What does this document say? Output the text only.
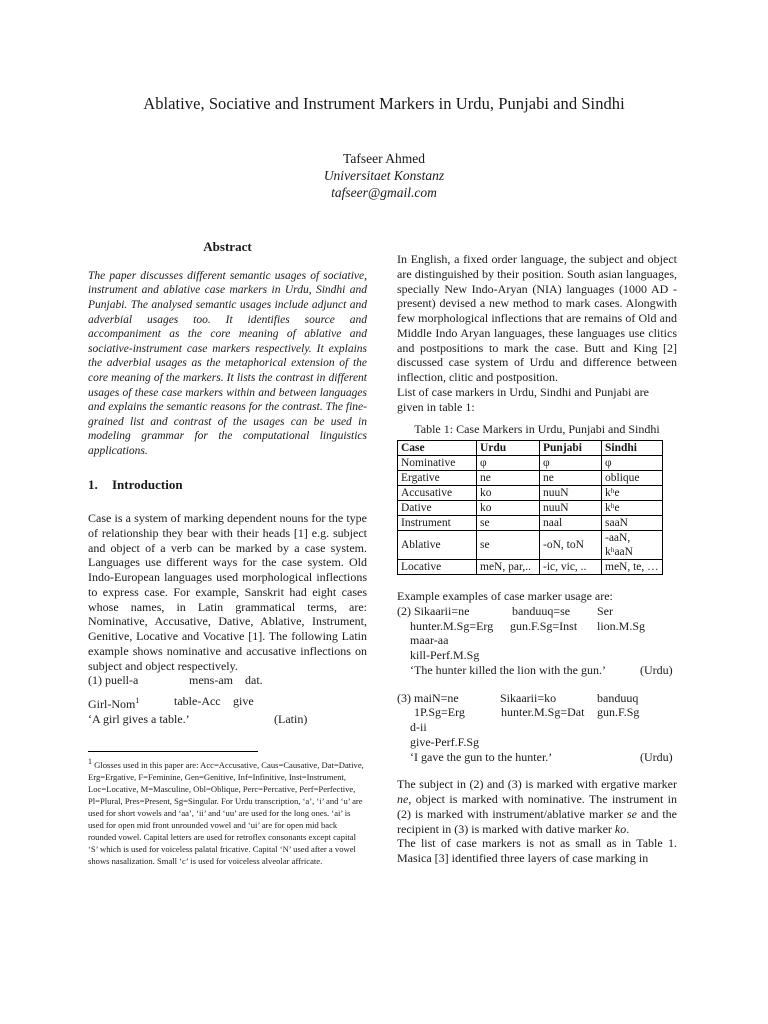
Ablative, Sociative and Instrument Markers in Urdu, Punjabi and Sindhi
Tafseer Ahmed
Universitaet Konstanz
tafseer@gmail.com
Abstract
The paper discusses different semantic usages of sociative, instrument and ablative case markers in Urdu, Sindhi and Punjabi. The analysed semantic usages include adjunct and adverbial usages too. It identifies source and accompaniment as the core meaning of ablative and sociative-instrument case markers respectively. It explains the adverbial usages as the metaphorical extension of the core meaning of the markers. It lists the contrast in different usages of these case markers within and between languages and explains the semantic reasons for the contrast. The fine-grained list and contrast of the usages can be used in modeling grammar for the computational linguistics applications.
1. Introduction
Case is a system of marking dependent nouns for the type of relationship they bear with their heads [1] e.g. subject and object of a verb can be marked by a case system. Languages use different ways for the case system. Old Indo-European languages used morphological inflections to express case. For example, Sanskrit had eight cases whose names, in Latin grammatical terms, are: Nominative, Accusative, Dative, Ablative, Instrument, Genitive, Locative and Vocative [1]. The following Latin example shows nominative and accusative inflections on subject and object respectively.
(1) puell-a	mens-am	dat.
Girl-Nom$^1$	table-Acc	give
‘A girl gives a table.’	(Latin)
$^1$ Glosses used in this paper are: Acc=Accusative, Caus=Causative, Dat=Dative, Erg=Ergative, F=Feminine, Gen=Genitive, Inf=Infinitive, Inst=Instrument, Loc=Locative, M=Masculine, Obl=Oblique, Perc=Percative, Perf=Perfective, Pl=Plural, Pres=Present, Sg=Singular. For Urdu transcription, ‘a’, ‘i’ and ‘u’ are used for short vowels and ‘aa’, ‘ii’ and ‘uu’ are used for the long ones. ‘ai’ is used for open mid front unrounded vowel and ‘ui’ are for open mid back rounded vowel. Capital letters are used for retroflex consonants except capital ‘S’ which is used for voiceless palatal fricative. Capital ‘N’ used after a vowel shows nasalization. Small ‘c’ is used for voiceless alveolar affricate.
In English, a fixed order language, the subject and object are distinguished by their position. South asian languages, specially New Indo-Aryan (NIA) languages (1000 AD - present) devised a new method to mark cases. Alongwith few morphological inflections that are remains of Old and Middle Indo Aryan languages, these languages use clitics and postpositions to mark the case. Butt and King [2] discussed case system of Urdu and difference between inflection, clitic and postposition.
List of case markers in Urdu, Sindhi and Punjabi are given in table 1:
Table 1: Case Markers in Urdu, Punjabi and Sindhi
Case	Urdu	Punjabi	Sindhi
Nominative	φ	φ	φ
Ergative	ne	ne	oblique
Accusative	ko	nuuN	kʰe
Dative	ko	nuuN	kʰe
Instrument	se	naal	saaN
Ablative	se	-oN, toN	-aaN, kʰaaN
Locative	meN, par,..	-ic, vic, ..	meN, te, …
Example examples of case marker usage are:
(2) Sikaarii=ne	banduuq=se	Ser
hunter.M.Sg=Erg	gun.F.Sg=Inst	lion.M.Sg
maar-aa
kill-Perf.M.Sg
‘The hunter killed the lion with the gun.’	(Urdu)
(3) maiN=ne	Sikaarii=ko	banduuq
1P.Sg=Erg	hunter.M.Sg=Dat	gun.F.Sg
d-ii
give-Perf.F.Sg
‘I gave the gun to the hunter.’	(Urdu)
The subject in (2) and (3) is marked with ergative marker ne, object is marked with nominative. The instrument in (2) is marked with instrument/ablative marker se and the recipient in (3) is marked with dative marker ko.
The list of case markers is not as small as in Table 1. Masica [3] identified three layers of case marking in
